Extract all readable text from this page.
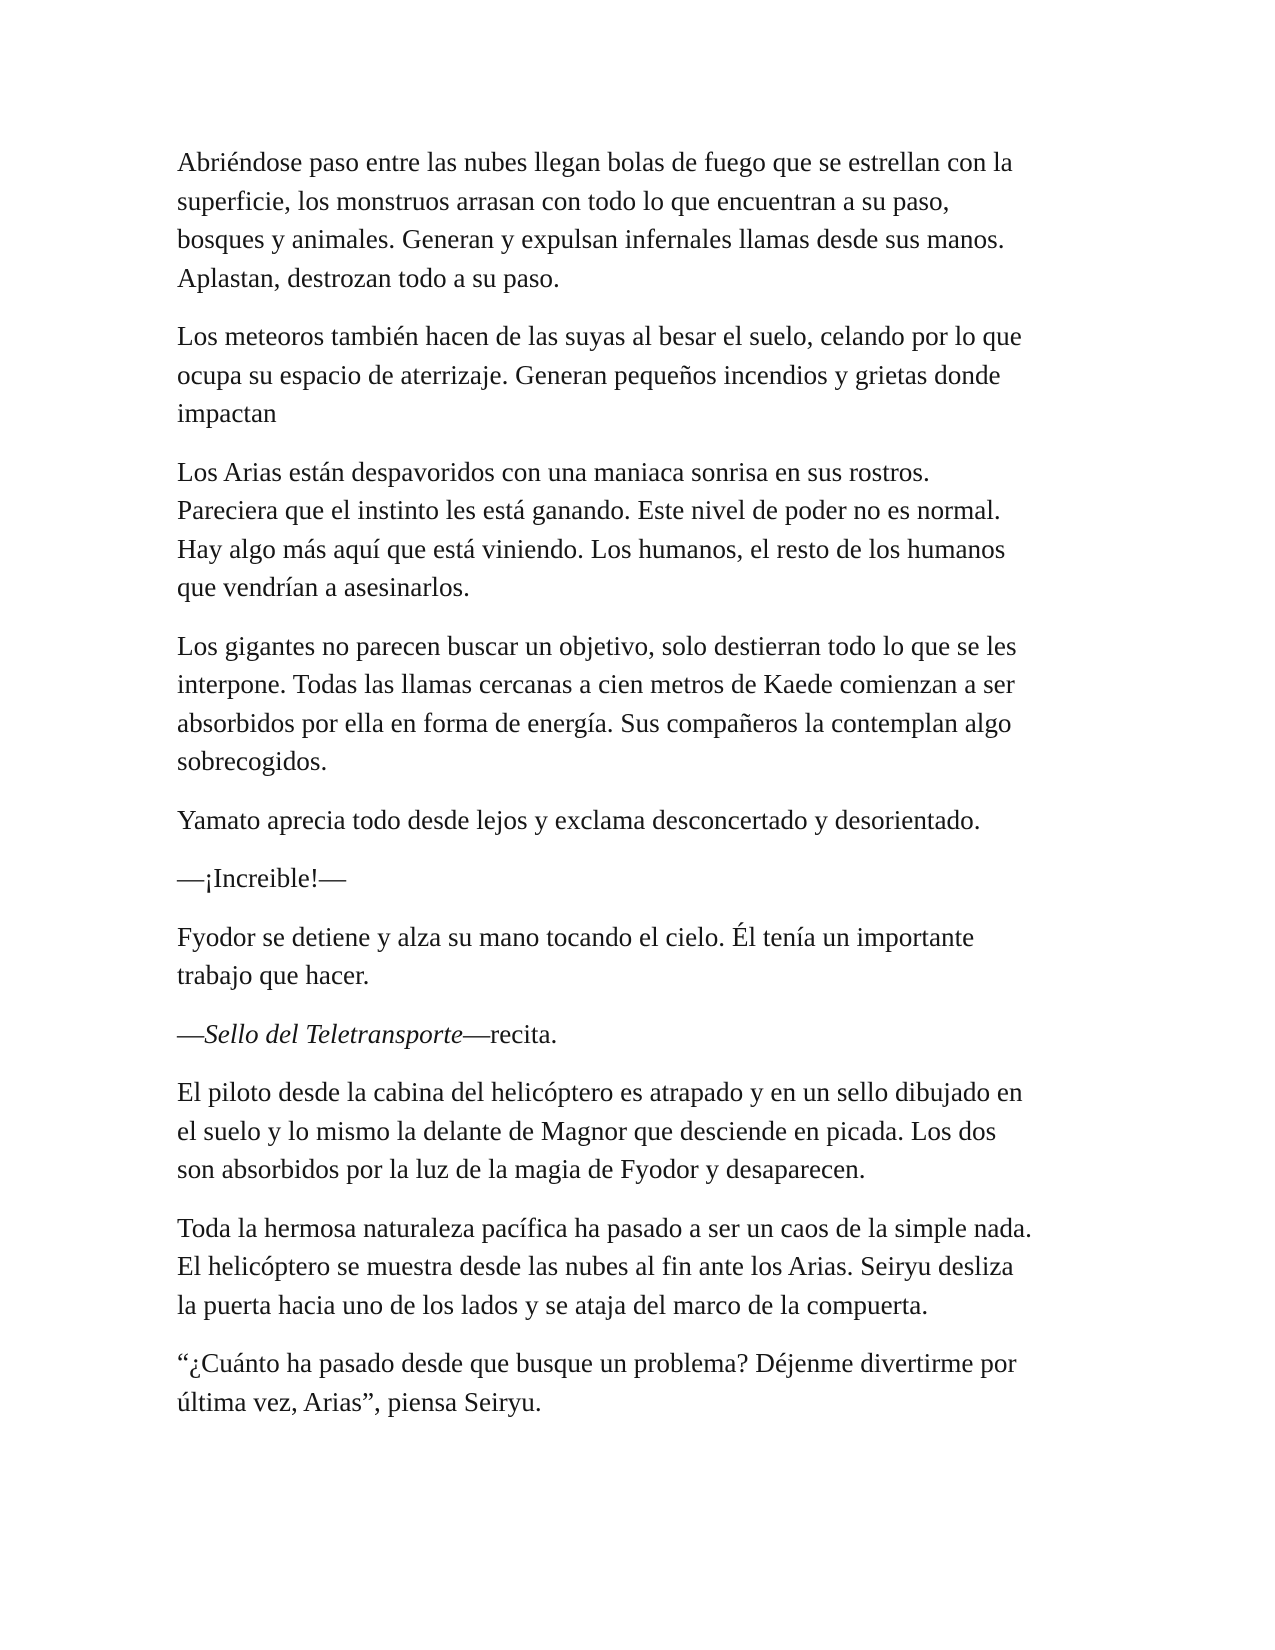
Abriéndose paso entre las nubes llegan bolas de fuego que se estrellan con la
superficie, los monstruos arrasan con todo lo que encuentran a su paso,
bosques y animales. Generan y expulsan infernales llamas desde sus manos.
Aplastan, destrozan todo a su paso.

Los meteoros también hacen de las suyas al besar el suelo, celando por lo que
ocupa su espacio de aterrizaje. Generan pequeños incendios y grietas donde
impactan

Los Arias están despavoridos con una maniaca sonrisa en sus rostros.
Pareciera que el instinto les está ganando. Este nivel de poder no es normal.
Hay algo más aquí que está viniendo. Los humanos, el resto de los humanos
que vendrían a asesinarlos.

Los gigantes no parecen buscar un objetivo, solo destierran todo lo que se les
interpone. Todas las llamas cercanas a cien metros de Kaede comienzan a ser
absorbidos por ella en forma de energía. Sus compañeros la contemplan algo
sobrecogidos.

Yamato aprecia todo desde lejos y exclama desconcertado y desorientado.

—¡Increible!—

Fyodor se detiene y alza su mano tocando el cielo. Él tenía un importante
trabajo que hacer.

—Sello del Teletransporte—recita.

El piloto desde la cabina del helicóptero es atrapado y en un sello dibujado en
el suelo y lo mismo la delante de Magnor que desciende en picada. Los dos
son absorbidos por la luz de la magia de Fyodor y desaparecen.

Toda la hermosa naturaleza pacífica ha pasado a ser un caos de la simple nada.
El helicóptero se muestra desde las nubes al fin ante los Arias. Seiryu desliza
la puerta hacia uno de los lados y se ataja del marco de la compuerta.

“¿Cuánto ha pasado desde que busque un problema? Déjenme divertirme por
última vez, Arias”, piensa Seiryu.
